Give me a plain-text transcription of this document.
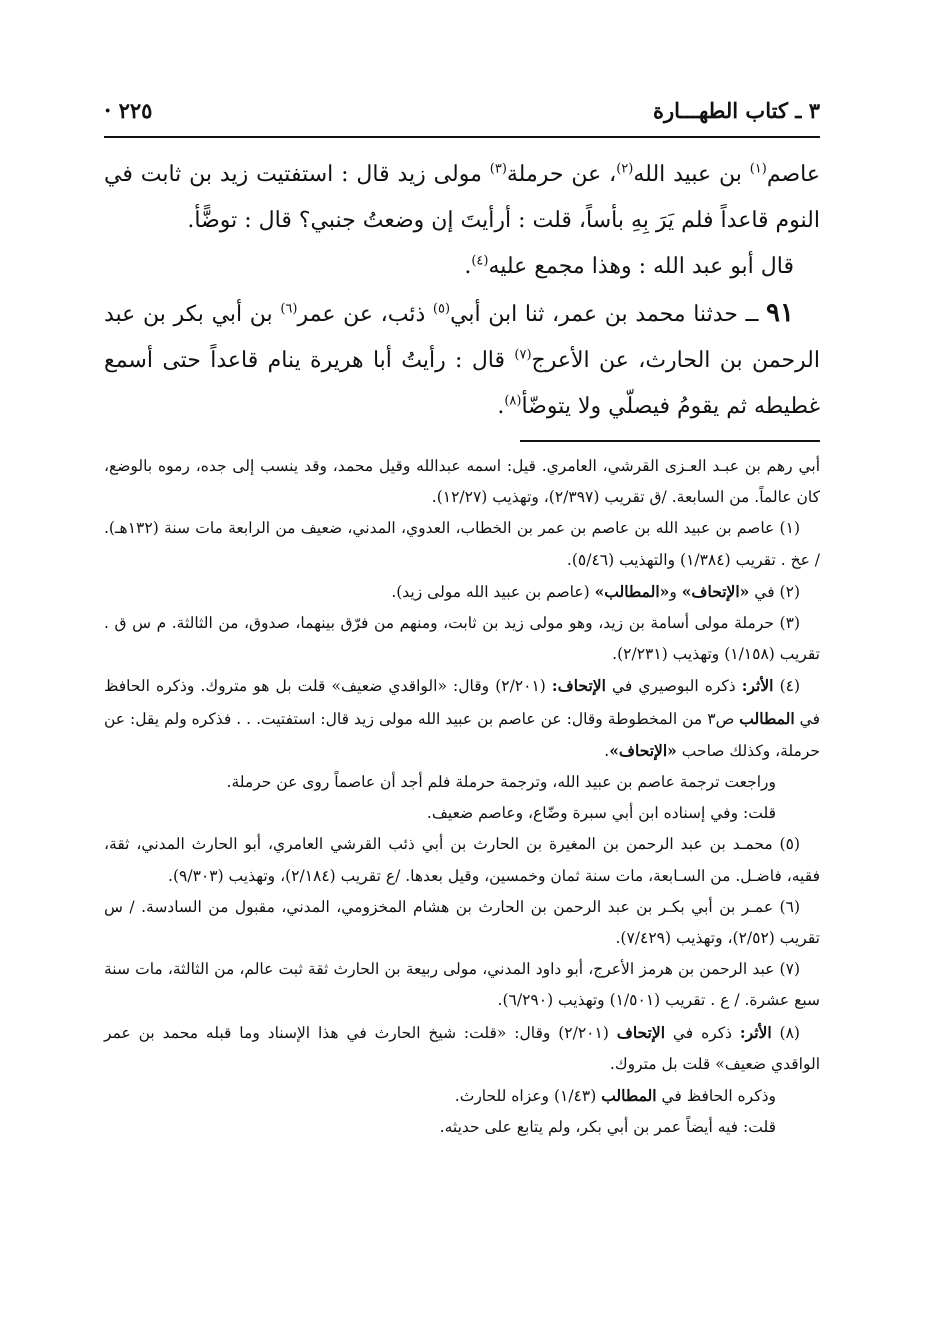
٣ ـ كتاب الطهـــارة
٢٢٥ ·

عاصم$^{(١)}$ بن عبيد الله$^{(٢)}$، عن حرملة$^{(٣)}$ مولى زيد قال : استفتيت زيد بن ثابت في النوم قاعداً فلم يَرَ بِهِ بأساً، قلت : أرأيتَ إن وضعتُ جنبي؟ قال : توضًّأ.

قال أبو عبد الله : وهذا مجمع عليه$^{(٤)}$.

٩١ ــ حدثنا محمد بن عمر، ثنا ابن أبي$^{(٥)}$ ذئب، عن عمر$^{(٦)}$ بن أبي بكر بن عبد الرحمن بن الحارث، عن الأعرج$^{(٧)}$ قال : رأيتُ أبا هريرة ينام قاعداً حتى أسمع غطيطه ثم يقومُ فيصلّي ولا يتوضّأ$^{(٨)}$.

أبي رهم بن عبـد العـزى القرشي، العامري. قيل: اسمه عبدالله وقيل محمد، وقد ينسب إلى جده، رموه بالوضع، كان عالماً. من السابعة. /ق تقريب (٢/٣٩٧)، وتهذيب (١٢/٢٧).

(١) عاصم بن عبيد الله بن عاصم بن عمر بن الخطاب، العدوي، المدني، ضعيف من الرابعة مات سنة (١٣٢هـ). / عخ . تقريب (١/٣٨٤) والتهذيب (٥/٤٦).

(٢) في «الإتحاف» و«المطالب» (عاصم بن عبيد الله مولى زيد).

(٣) حرملة مولى أسامة بن زيد، وهو مولى زيد بن ثابت، ومنهم من فرّق بينهما، صدوق، من الثالثة. م س ق . تقريب (١/١٥٨) وتهذيب (٢/٢٣١).

(٤) الأثر: ذكره البوصيري في الإتحاف: (٢/٢٠١) وقال: «الواقدي ضعيف» قلت بل هو متروك. وذكره الحافظ في المطالب ص٣ من المخطوطة وقال: عن عاصم بن عبيد الله مولى زيد قال: استفتيت. . . فذكره ولم يقل: عن حرملة، وكذلك صاحب «الإتحاف».

وراجعت ترجمة عاصم بن عبيد الله، وترجمة حرملة فلم أجد أن عاصماً روى عن حرملة.

قلت: وفي إسناده ابن أبي سبرة وضّاع، وعاصم ضعيف.

(٥) محمـد بن عبد الرحمن بن المغيرة بن الحارث بن أبي ذئب القرشي العامري، أبو الحارث المدني، ثقة، فقيه، فاضـل. من السـابعة، مات سنة ثمان وخمسين، وقيل بعدها. /ع تقريب (٢/١٨٤)، وتهذيب (٩/٣٠٣).

(٦) عمـر بن أبي بكـر بن عبد الرحمن بن الحارث بن هشام المخزومي، المدني، مقبول من السادسة. / س تقريب (٢/٥٢)، وتهذيب (٧/٤٢٩).

(٧) عبد الرحمن بن هرمز الأعرج، أبو داود المدني، مولى ربيعة بن الحارث ثقة ثبت عالم، من الثالثة، مات سنة سبع عشرة. / ع . تقريب (١/٥٠١) وتهذيب (٦/٢٩٠).

(٨) الأثر: ذكره في الإتحاف (٢/٢٠١) وقال: «قلت: شيخ الحارث في هذا الإسناد وما قبله محمد بن عمر الواقدي ضعيف» قلت بل متروك.

وذكره الحافظ في المطالب (١/٤٣) وعزاه للحارث.

قلت: فيه أيضاً عمر بن أبي بكر، ولم يتابع على حديثه.
